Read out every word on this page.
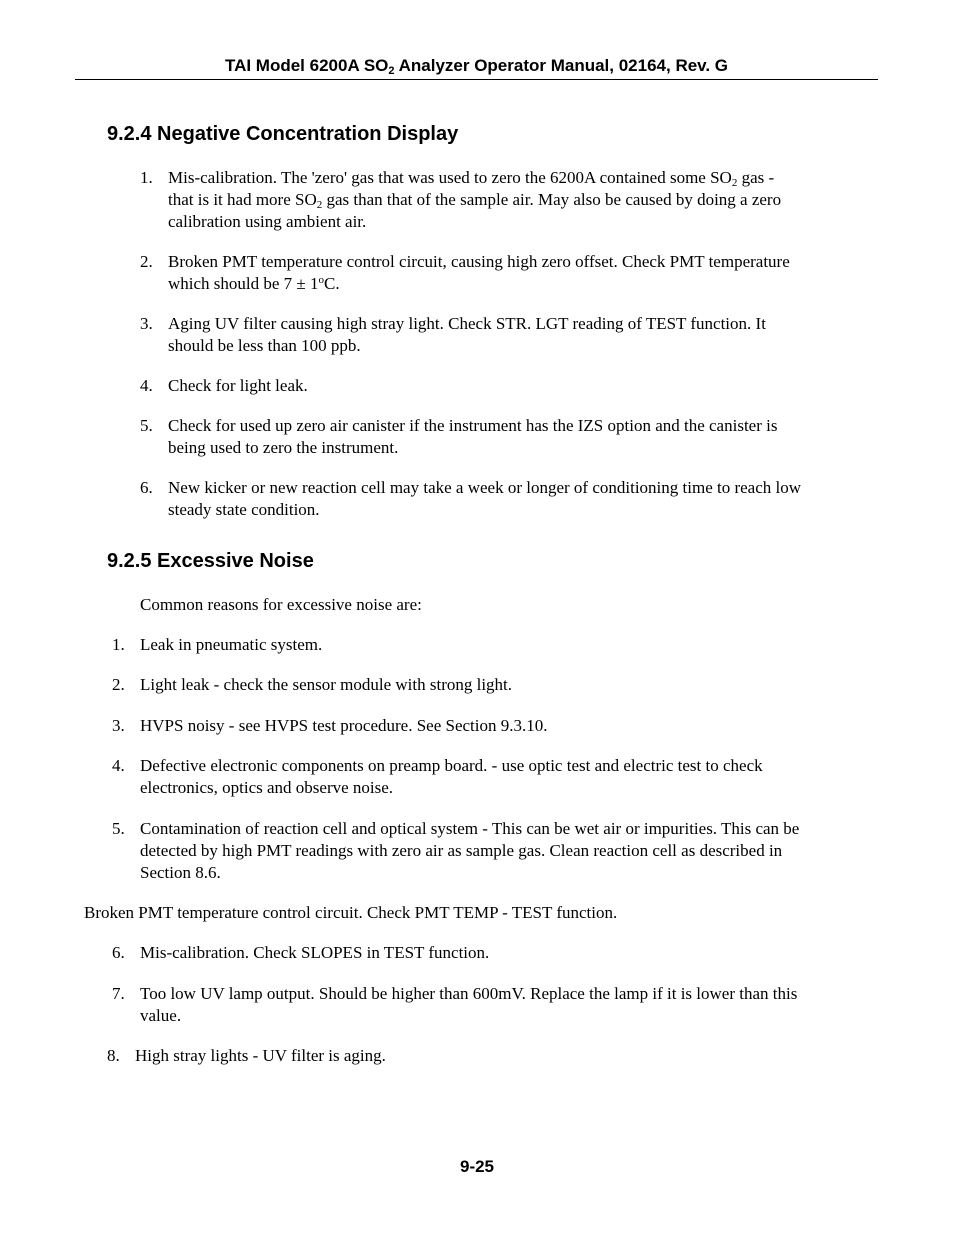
TAI Model 6200A $SO_2$ Analyzer Operator Manual, 02164, Rev. G
9.2.4 Negative Concentration Display
1. Mis-calibration. The 'zero' gas that was used to zero the 6200A contained some $SO_2$ gas -
that is it had more $SO_2$ gas than that of the sample air. May also be caused by doing a zero
calibration using ambient air.
2. Broken PMT temperature control circuit, causing high zero offset. Check PMT temperature
which should be $7 \pm 1^oC$.
3. Aging UV filter causing high stray light. Check STR. LGT reading of TEST function. It
should be less than 100 ppb.
4. Check for light leak.
5. Check for used up zero air canister if the instrument has the IZS option and the canister is
being used to zero the instrument.
6. New kicker or new reaction cell may take a week or longer of conditioning time to reach low
steady state condition.
9.2.5 Excessive Noise
Common reasons for excessive noise are:
1. Leak in pneumatic system.
2. Light leak - check the sensor module with strong light.
3. HVPS noisy - see HVPS test procedure. See Section 9.3.10.
4. Defective electronic components on preamp board. - use optic test and electric test to check
electronics, optics and observe noise.
5. Contamination of reaction cell and optical system - This can be wet air or impurities. This can be
detected by high PMT readings with zero air as sample gas. Clean reaction cell as described in
Section 8.6.
Broken PMT temperature control circuit. Check PMT TEMP - TEST function.
6. Mis-calibration. Check SLOPES in TEST function.
7. Too low UV lamp output. Should be higher than 600mV. Replace the lamp if it is lower than this
value.
8. High stray lights - UV filter is aging.
9-25
